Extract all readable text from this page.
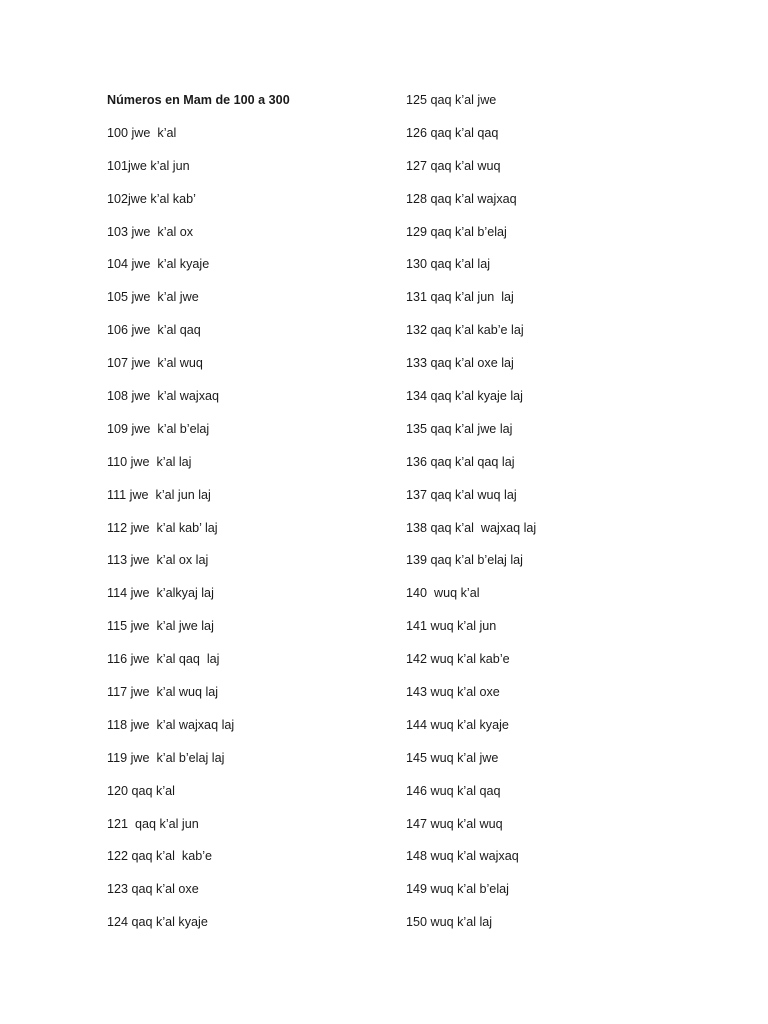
Números en Mam de 100 a 300
100 jwe  k’al
101jwe k’al jun
102jwe k’al kab’
103 jwe  k’al ox
104 jwe  k’al kyaje
105 jwe  k’al jwe
106 jwe  k’al qaq
107 jwe  k’al wuq
108 jwe  k’al wajxaq
109 jwe  k’al b’elaj
110 jwe  k’al laj
111 jwe  k’al jun laj
112 jwe  k’al kab’ laj
113 jwe  k’al ox laj
114 jwe  k’alkyaj laj
115 jwe  k’al jwe laj
116 jwe  k’al qaq  laj
117 jwe  k’al wuq laj
118 jwe  k’al wajxaq laj
119 jwe  k’al b’elaj laj
120 qaq k’al
121  qaq k’al jun
122 qaq k’al  kab’e
123 qaq k’al oxe
124 qaq k’al kyaje
125 qaq k’al jwe
126 qaq k’al qaq
127 qaq k’al wuq
128 qaq k’al wajxaq
129 qaq k’al b’elaj
130 qaq k’al laj
131 qaq k’al jun  laj
132 qaq k’al kab’e laj
133 qaq k’al oxe laj
134 qaq k’al kyaje laj
135 qaq k’al jwe laj
136 qaq k’al qaq laj
137 qaq k’al wuq laj
138 qaq k’al  wajxaq laj
139 qaq k’al b’elaj laj
140  wuq k’al
141 wuq k’al jun
142 wuq k’al kab’e
143 wuq k’al oxe
144 wuq k’al kyaje
145 wuq k’al jwe
146 wuq k’al qaq
147 wuq k’al wuq
148 wuq k’al wajxaq
149 wuq k’al b’elaj
150 wuq k’al laj
